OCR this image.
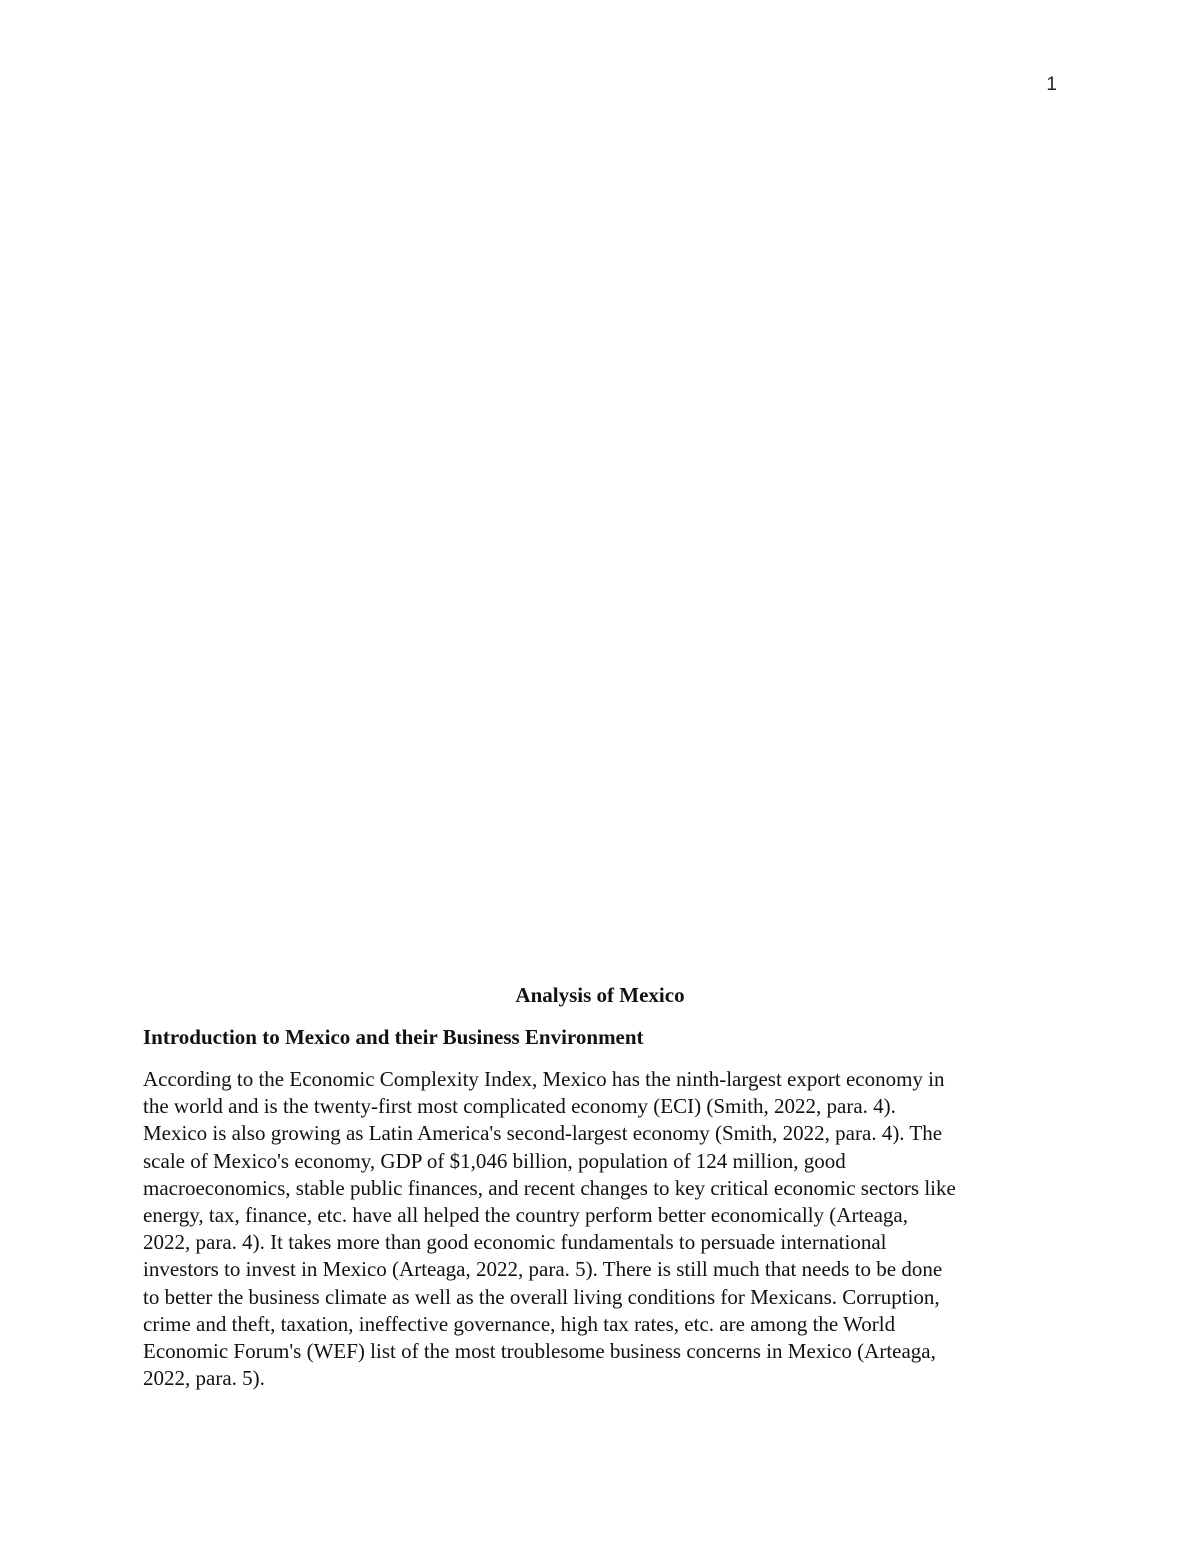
1
Analysis of Mexico
Introduction to Mexico and their Business Environment

According to the Economic Complexity Index, Mexico has the ninth-largest export economy in
the world and is the twenty-first most complicated economy (ECI) (Smith, 2022, para. 4).
Mexico is also growing as Latin America's second-largest economy (Smith, 2022, para. 4). The
scale of Mexico's economy, GDP of $1,046 billion, population of 124 million, good
macroeconomics, stable public finances, and recent changes to key critical economic sectors like
energy, tax, finance, etc. have all helped the country perform better economically (Arteaga,
2022, para. 4). It takes more than good economic fundamentals to persuade international
investors to invest in Mexico (Arteaga, 2022, para. 5). There is still much that needs to be done
to better the business climate as well as the overall living conditions for Mexicans. Corruption,
crime and theft, taxation, ineffective governance, high tax rates, etc. are among the World
Economic Forum's (WEF) list of the most troublesome business concerns in Mexico (Arteaga,
2022, para. 5).
